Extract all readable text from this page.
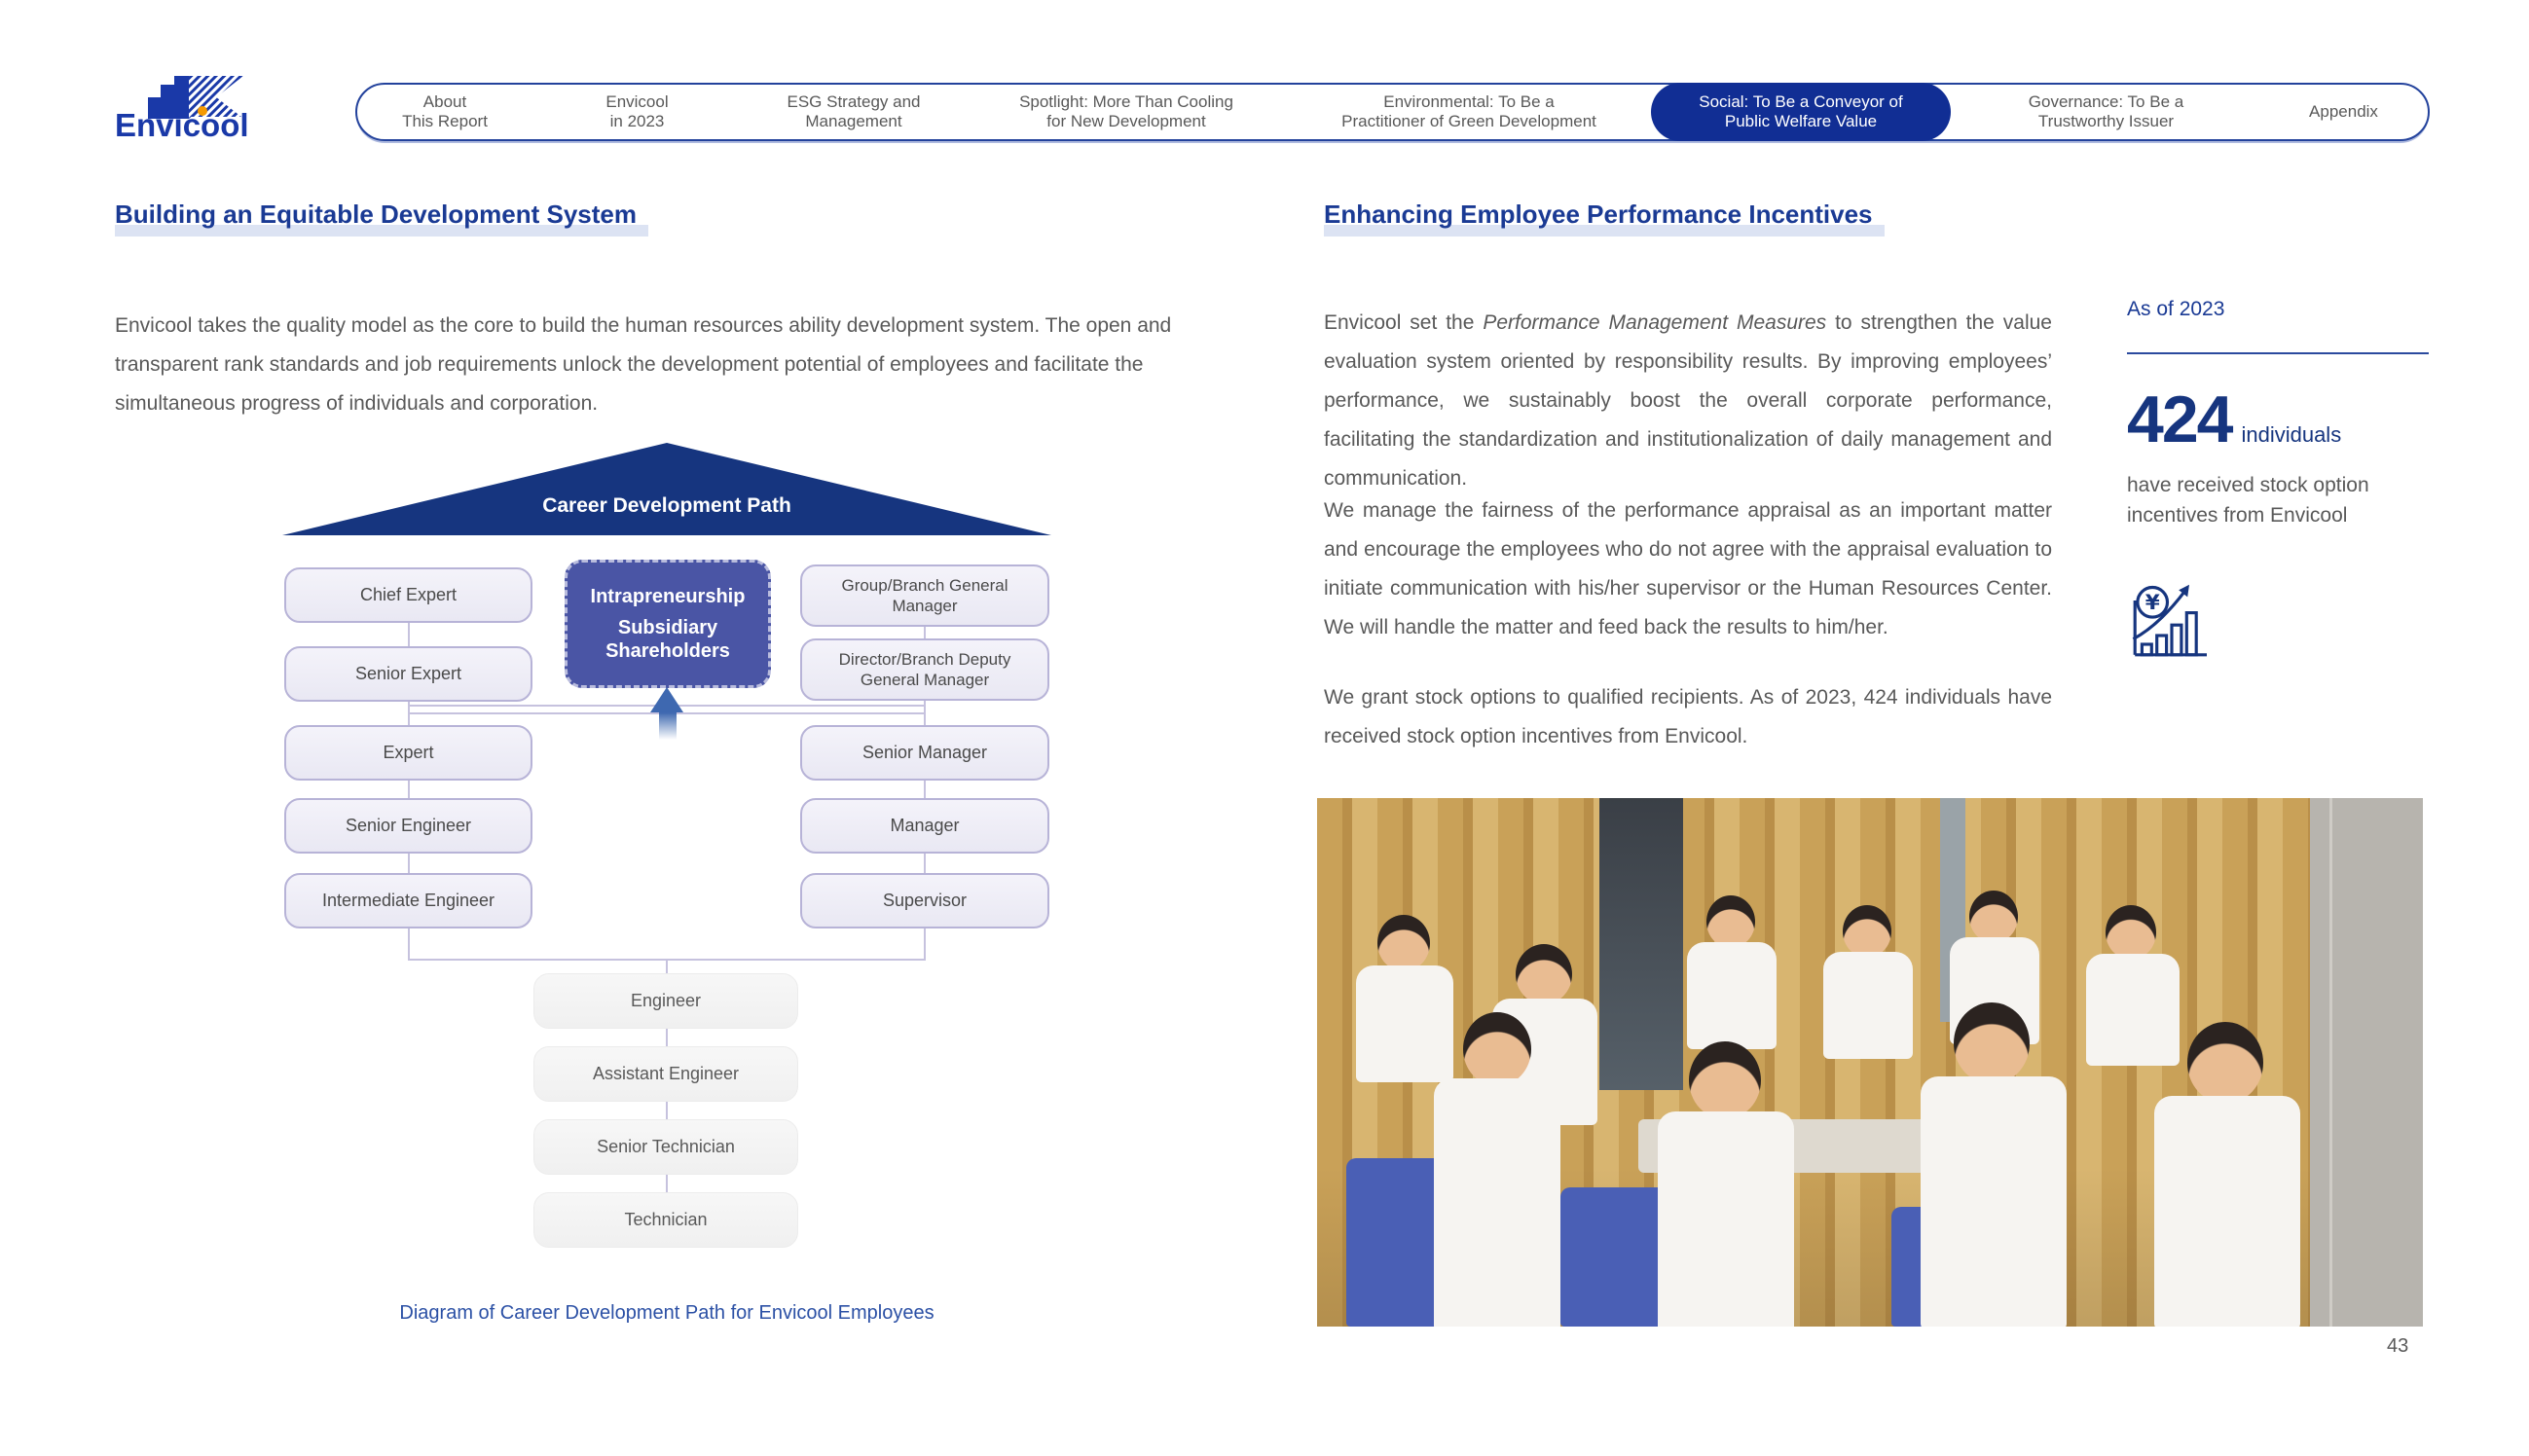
Envicool
About
This Report
Envicool
in 2023
ESG Strategy and
Management
Spotlight: More Than Cooling
for New Development
Environmental: To Be a
Practitioner of Green Development
Social: To Be a Conveyor of
Public Welfare Value
Governance: To Be a
Trustworthy Issuer
Appendix
Building an Equitable Development System
Envicool takes the quality model as the core to build the human resources ability development system. The open and transparent rank standards and job requirements unlock the development potential of employees and facilitate the simultaneous progress of individuals and corporation.
Career Development Path
Chief Expert
Senior Expert
Expert
Senior Engineer
Intermediate Engineer
Group/Branch General Manager
Director/Branch Deputy General Manager
Senior Manager
Manager
Supervisor
Intrapreneurship
Subsidiary Shareholders
Engineer
Assistant Engineer
Senior Technician
Technician
Diagram of Career Development Path for Envicool Employees
Enhancing Employee Performance Incentives
Envicool set the Performance Management Measures to strengthen the value evaluation system oriented by responsibility results. By improving employees’ performance, we sustainably boost the overall corporate performance, facilitating the standardization and institutionalization of daily management and communication.
We manage the fairness of the performance appraisal as an important matter and encourage the employees who do not agree with the appraisal evaluation to initiate communication with his/her supervisor or the Human Resources Center. We will handle the matter and feed back the results to him/her.
We grant stock options to qualified recipients. As of 2023, 424 individuals have received stock option incentives from Envicool.
As of 2023
424 individuals
have received stock option incentives from Envicool
¥
43
